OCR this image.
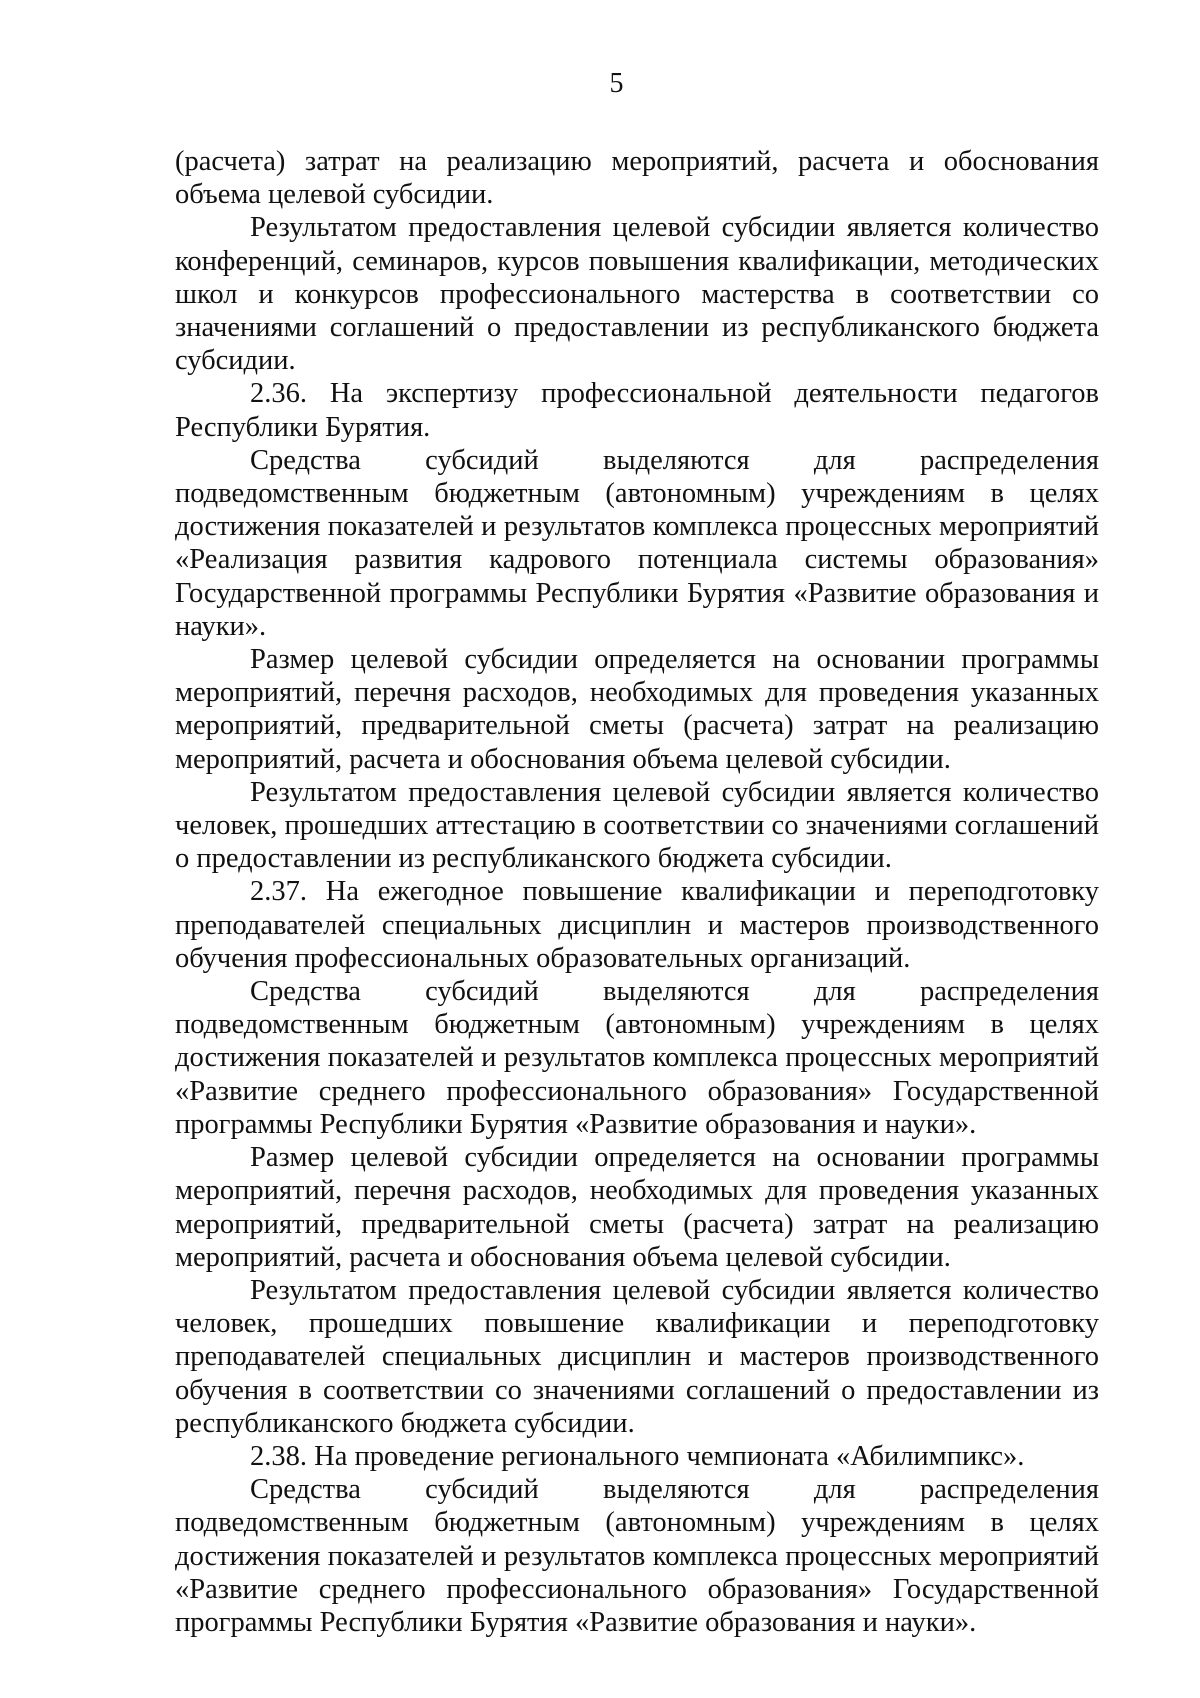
5

(расчета) затрат на реализацию мероприятий, расчета и обоснования объема целевой субсидии.

Результатом предоставления целевой субсидии является количество конференций, семинаров, курсов повышения квалификации, методических школ и конкурсов профессионального мастерства в соответствии со значениями соглашений о предоставлении из республиканского бюджета субсидии.

2.36. На экспертизу профессиональной деятельности педагогов Республики Бурятия.

Средства субсидий выделяются для распределения подведомственным бюджетным (автономным) учреждениям в целях достижения показателей и результатов комплекса процессных мероприятий «Реализация развития кадрового потенциала системы образования» Государственной программы Республики Бурятия «Развитие образования и науки».

Размер целевой субсидии определяется на основании программы мероприятий, перечня расходов, необходимых для проведения указанных мероприятий, предварительной сметы (расчета) затрат на реализацию мероприятий, расчета и обоснования объема целевой субсидии.

Результатом предоставления целевой субсидии является количество человек, прошедших аттестацию в соответствии со значениями соглашений о предоставлении из республиканского бюджета субсидии.

2.37. На ежегодное повышение квалификации и переподготовку преподавателей специальных дисциплин и мастеров производственного обучения профессиональных образовательных организаций.

Средства субсидий выделяются для распределения подведомственным бюджетным (автономным) учреждениям в целях достижения показателей и результатов комплекса процессных мероприятий «Развитие среднего профессионального образования» Государственной программы Республики Бурятия «Развитие образования и науки».

Размер целевой субсидии определяется на основании программы мероприятий, перечня расходов, необходимых для проведения указанных мероприятий, предварительной сметы (расчета) затрат на реализацию мероприятий, расчета и обоснования объема целевой субсидии.

Результатом предоставления целевой субсидии является количество человек, прошедших повышение квалификации и переподготовку преподавателей специальных дисциплин и мастеров производственного обучения в соответствии со значениями соглашений о предоставлении из республиканского бюджета субсидии.

2.38. На проведение регионального чемпионата «Абилимпикс».

Средства субсидий выделяются для распределения подведомственным бюджетным (автономным) учреждениям в целях достижения показателей и результатов комплекса процессных мероприятий «Развитие среднего профессионального образования» Государственной программы Республики Бурятия «Развитие образования и науки».
